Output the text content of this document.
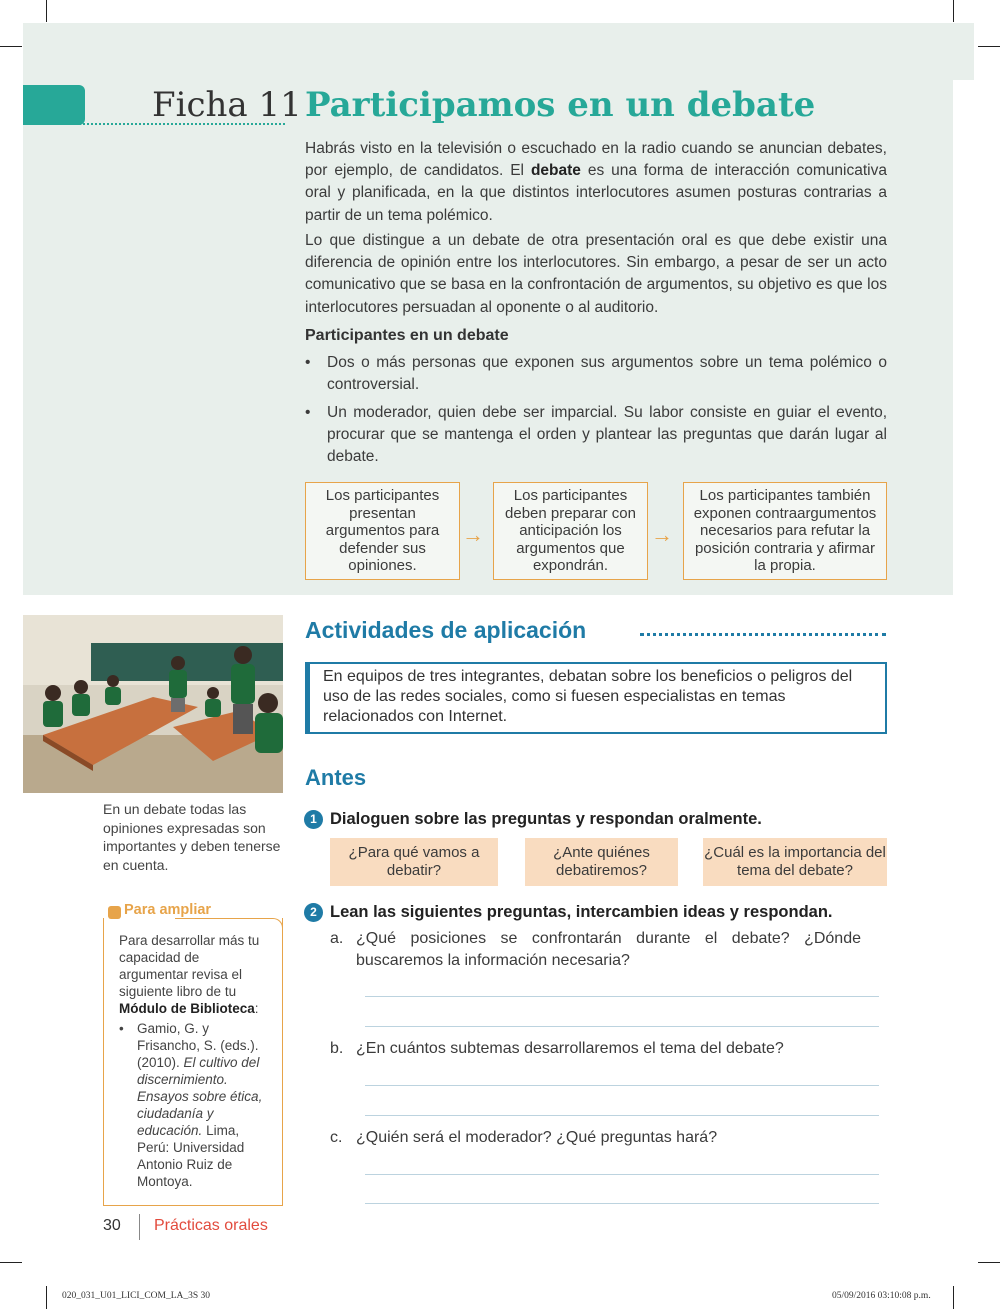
Ficha 11 Participamos en un debate

Habrás visto en la televisión o escuchado en la radio cuando se anuncian debates, por ejemplo, de candidatos. El debate es una forma de interacción comunicativa oral y planificada, en la que distintos interlocutores asumen posturas contrarias a partir de un tema polémico.

Lo que distingue a un debate de otra presentación oral es que debe existir una diferencia de opinión entre los interlocutores. Sin embargo, a pesar de ser un acto comunicativo que se basa en la confrontación de argumentos, su objetivo es que los interlocutores persuadan al oponente o al auditorio.

Participantes en un debate
• Dos o más personas que exponen sus argumentos sobre un tema polémico o controversial.
• Un moderador, quien debe ser imparcial. Su labor consiste en guiar el evento, procurar que se mantenga el orden y plantear las preguntas que darán lugar al debate.
Los participantes presentan argumentos para defender sus opiniones.
→
Los participantes deben preparar con anticipación los argumentos que expondrán.
→
Los participantes también exponen contraargumentos necesarios para refutar la posición contraria y afirmar la propia.
En un debate todas las opiniones expresadas son importantes y deben tenerse en cuenta.
Para ampliar
Para desarrollar más tu capacidad de argumentar revisa el siguiente libro de tu Módulo de Biblioteca:
• Gamio, G. y Frisancho, S. (eds.). (2010). El cultivo del discernimiento. Ensayos sobre ética, ciudadanía y educación. Lima, Perú: Universidad Antonio Ruiz de Montoya.
Actividades de aplicación
En equipos de tres integrantes, debatan sobre los beneficios o peligros del uso de las redes sociales, como si fuesen especialistas en temas relacionados con Internet.
Antes
1 Dialoguen sobre las preguntas y respondan oralmente.
¿Para qué vamos a debatir?
¿Ante quiénes debatiremos?
¿Cuál es la importancia del tema del debate?
2 Lean las siguientes preguntas, intercambien ideas y respondan.
a. ¿Qué posiciones se confrontarán durante el debate? ¿Dónde buscaremos la información necesaria?
b. ¿En cuántos subtemas desarrollaremos el tema del debate?
c. ¿Quién será el moderador? ¿Qué preguntas hará?
30 Prácticas orales
020_031_U01_LICI_COM_LA_3S 30	05/09/2016 03:10:08 p.m.
